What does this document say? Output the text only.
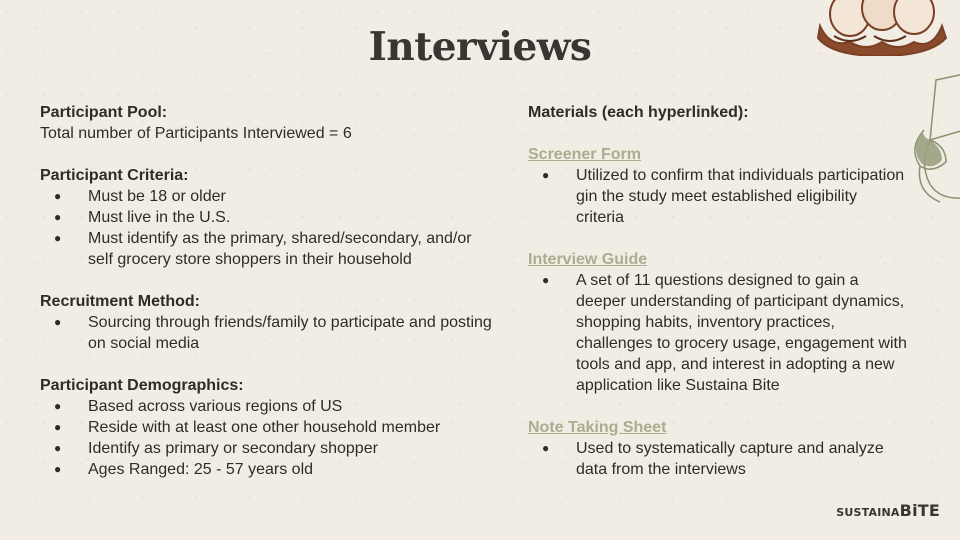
Interviews

Participant Pool:

Total number of Participants Interviewed = 6

Participant Criteria:

● Must be 18 or older
● Must live in the U.S.
● Must identify as the primary, shared/secondary, and/or self grocery store shoppers in their household

Recruitment Method:

● Sourcing through friends/family to participate and posting on social media

Participant Demographics:

● Based across various regions of US
● Reside with at least one other household member
● Identify as primary or secondary shopper
● Ages Ranged: 25 - 57 years old

Materials (each hyperlinked):

Screener Form
● Utilized to confirm that individuals participation gin the study meet established eligibility criteria
Interview Guide
● A set of 11 questions designed to gain a deeper understanding of participant dynamics, shopping habits, inventory practices, challenges to grocery usage, engagement with tools and app, and interest in adopting a new application like Sustaina Bite
Note Taking Sheet
● Used to systematically capture and analyze data from the interviews
SUSTAINA B i TE
